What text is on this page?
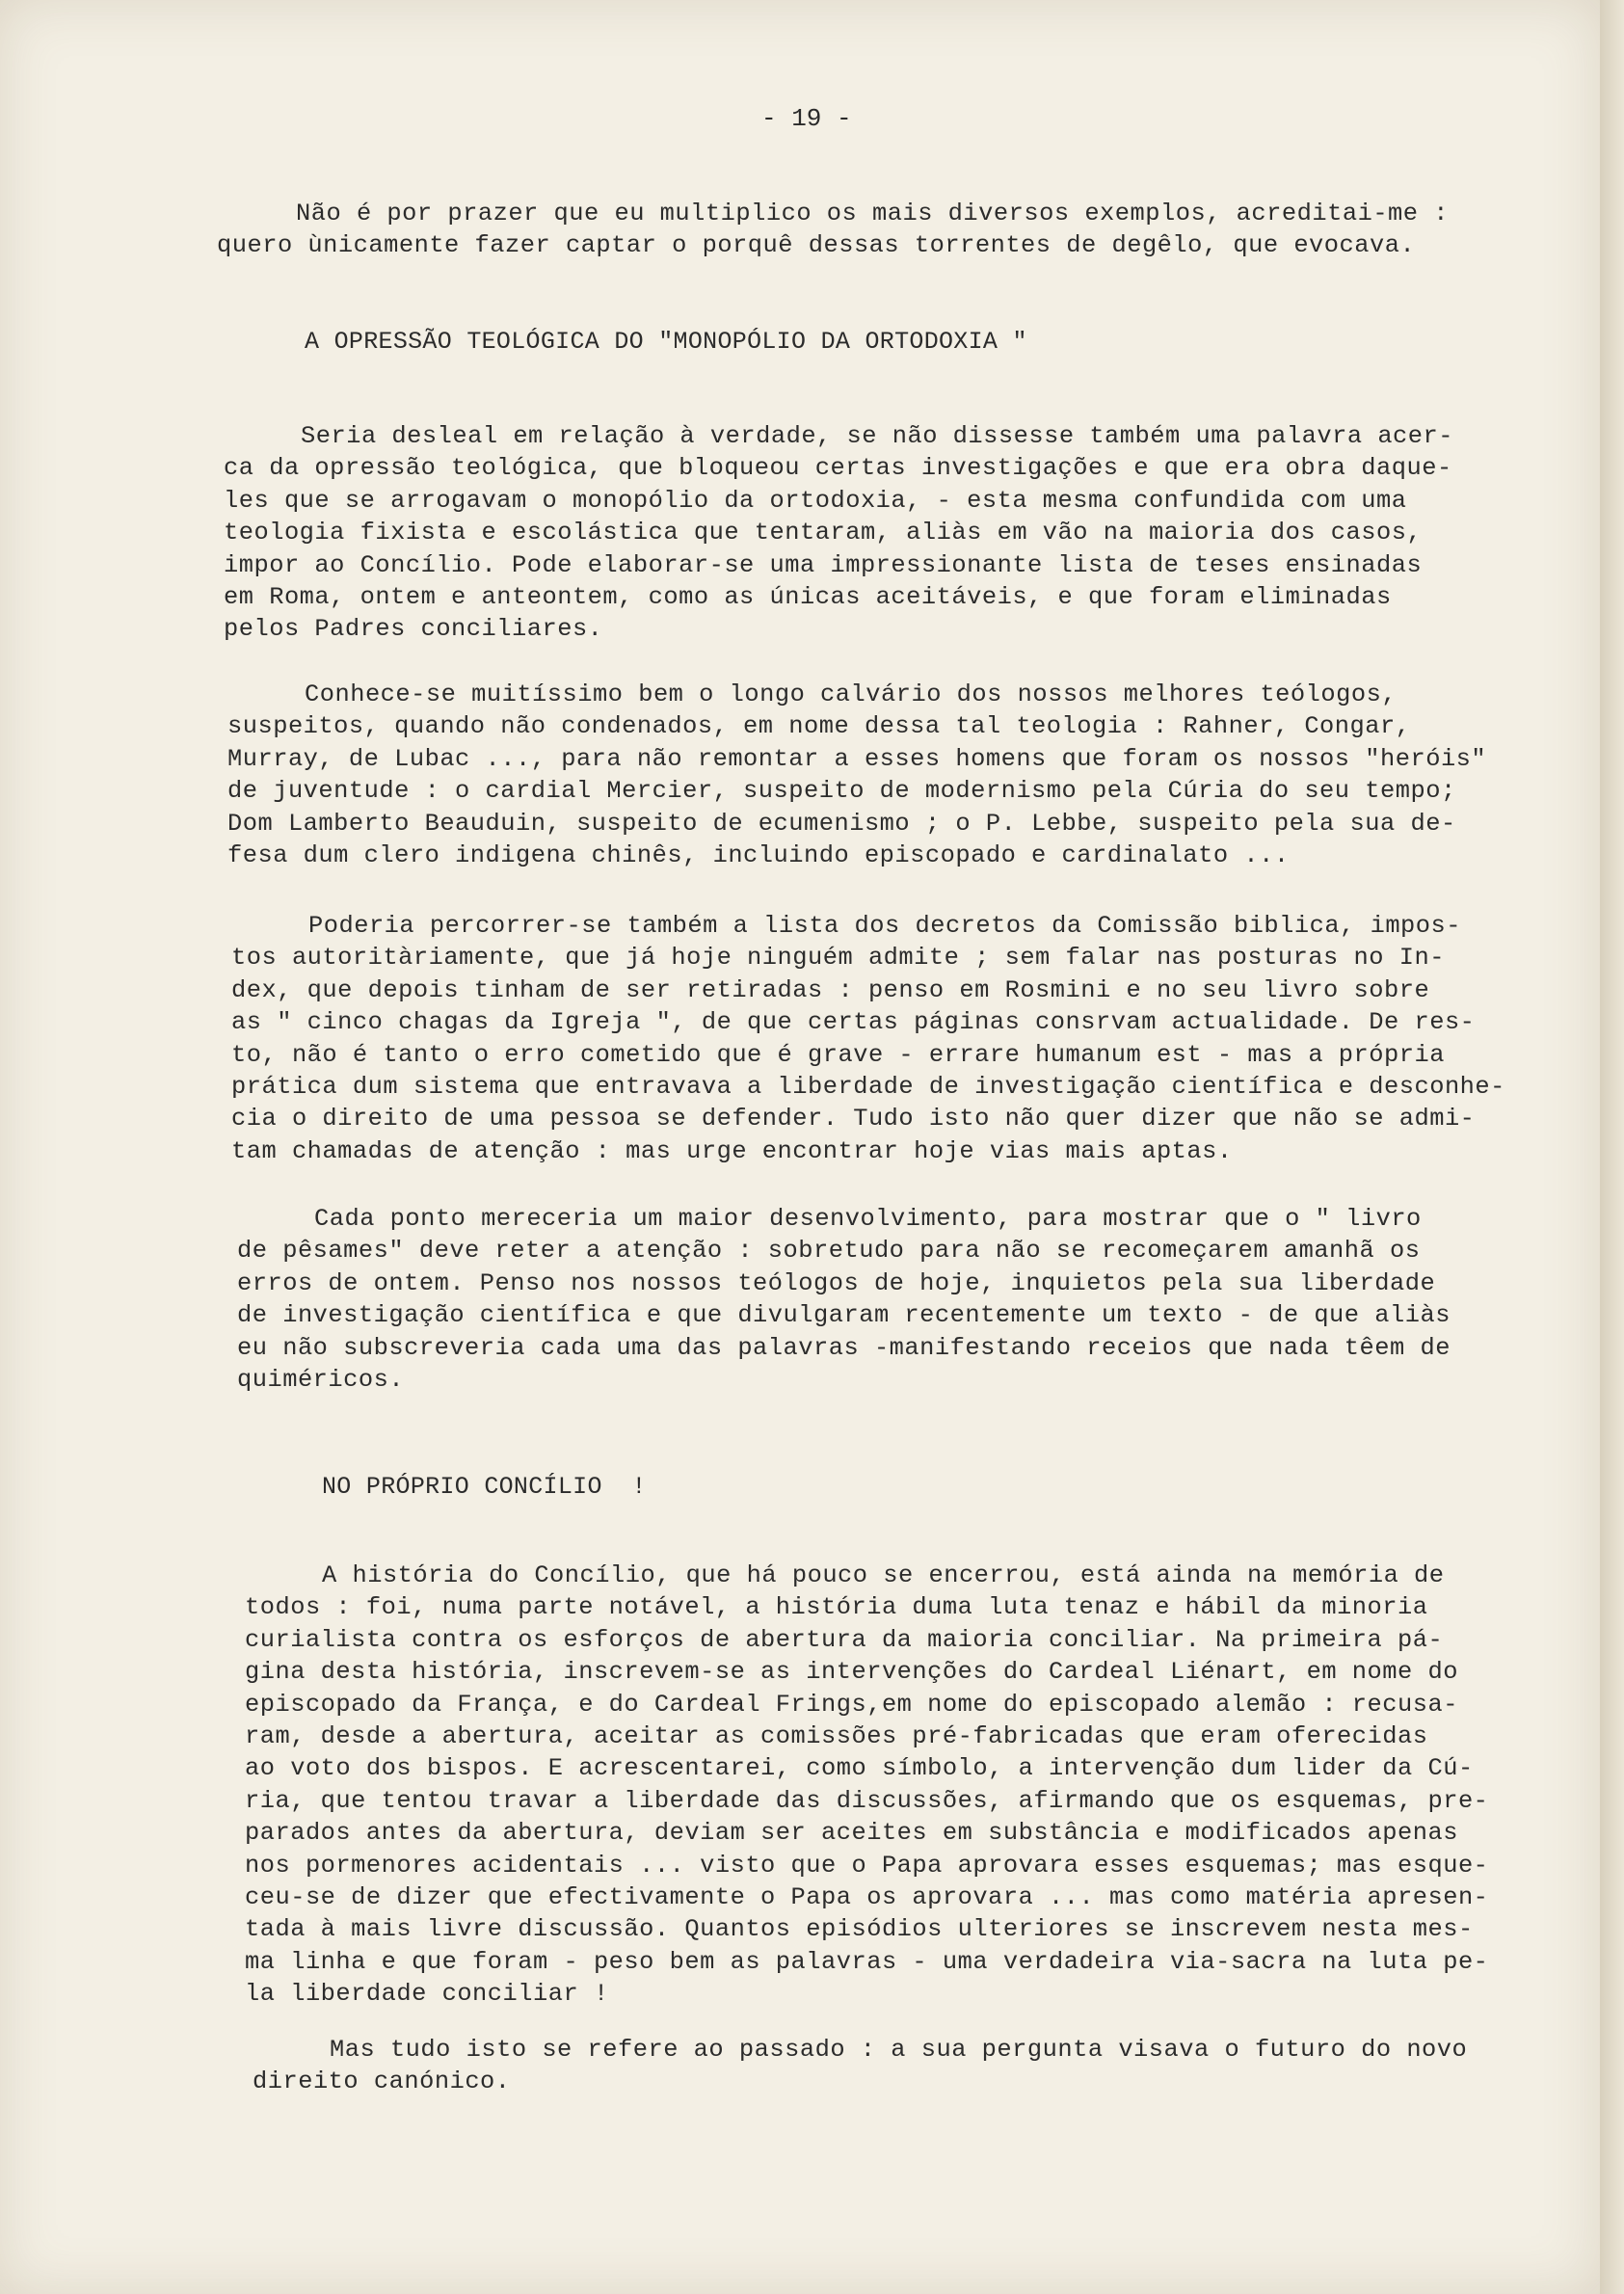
- 19 -
Não é por prazer que eu multiplico os mais diversos exemplos, acreditai-me :
quero ùnicamente fazer captar o porquê dessas torrentes de degêlo, que evocava.
A OPRESSÃO TEOLÓGICA DO "MONOPÓLIO DA ORTODOXIA "
Seria desleal em relação à verdade, se não dissesse também uma palavra acer-
ca da opressão teológica, que bloqueou certas investigações e que era obra daque-
les que se arrogavam o monopólio da ortodoxia, - esta mesma confundida com uma
teologia fixista e escolástica que tentaram, aliàs em vão na maioria dos casos,
impor ao Concílio. Pode elaborar-se uma impressionante lista de teses ensinadas
em Roma, ontem e anteontem, como as únicas aceitáveis, e que foram eliminadas
pelos Padres conciliares.
Conhece-se muitíssimo bem o longo calvário dos nossos melhores teólogos,
suspeitos, quando não condenados, em nome dessa tal teologia : Rahner, Congar,
Murray, de Lubac ..., para não remontar a esses homens que foram os nossos "heróis"
de juventude : o cardial Mercier, suspeito de modernismo pela Cúria do seu tempo;
Dom Lamberto Beauduin, suspeito de ecumenismo ; o P. Lebbe, suspeito pela sua de-
fesa dum clero indigena chinês, incluindo episcopado e cardinalato ...
Poderia percorrer-se também a lista dos decretos da Comissão biblica, impos-
tos autoritàriamente, que já hoje ninguém admite ; sem falar nas posturas no In-
dex, que depois tinham de ser retiradas : penso em Rosmini e no seu livro sobre
as " cinco chagas da Igreja ", de que certas páginas consrvam actualidade. De res-
to, não é tanto o erro cometido que é grave - errare humanum est - mas a própria
prática dum sistema que entravava a liberdade de investigação científica e desconhe-
cia o direito de uma pessoa se defender. Tudo isto não quer dizer que não se admi-
tam chamadas de atenção : mas urge encontrar hoje vias mais aptas.
Cada ponto mereceria um maior desenvolvimento, para mostrar que o " livro
de pêsames" deve reter a atenção : sobretudo para não se recomeçarem amanhã os
erros de ontem. Penso nos nossos teólogos de hoje, inquietos pela sua liberdade
de investigação científica e que divulgaram recentemente um texto - de que aliàs
eu não subscreveria cada uma das palavras -manifestando receios que nada têem de
quiméricos.
NO PRÓPRIO CONCÍLIO  !
A história do Concílio, que há pouco se encerrou, está ainda na memória de
todos : foi, numa parte notável, a história duma luta tenaz e hábil da minoria
curialista contra os esforços de abertura da maioria conciliar. Na primeira pá-
gina desta história, inscrevem-se as intervenções do Cardeal Liénart, em nome do
episcopado da França, e do Cardeal Frings,em nome do episcopado alemão : recusa-
ram, desde a abertura, aceitar as comissões pré-fabricadas que eram oferecidas
ao voto dos bispos. E acrescentarei, como símbolo, a intervenção dum lider da Cú-
ria, que tentou travar a liberdade das discussões, afirmando que os esquemas, pre-
parados antes da abertura, deviam ser aceites em substância e modificados apenas
nos pormenores acidentais ... visto que o Papa aprovara esses esquemas; mas esque-
ceu-se de dizer que efectivamente o Papa os aprovara ... mas como matéria apresen-
tada à mais livre discussão. Quantos episódios ulteriores se inscrevem nesta mes-
ma linha e que foram - peso bem as palavras - uma verdadeira via-sacra na luta pe-
la liberdade conciliar !
Mas tudo isto se refere ao passado : a sua pergunta visava o futuro do novo
direito canónico.
